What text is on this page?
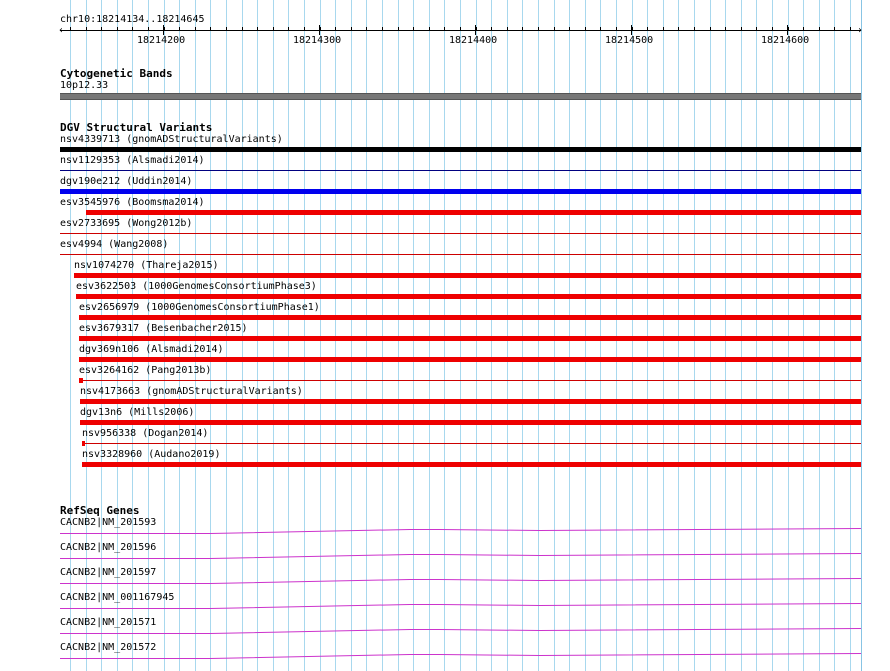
chr10:18214134..18214645
‹	›
18214200	18214300	18214400	18214500	18214600
Cytogenetic Bands
10p12.33
DGV Structural Variants
nsv4339713 (gnomADStructuralVariants)
nsv1129353 (Alsmadi2014)
dgv190e212 (Uddin2014)
esv3545976 (Boomsma2014)
esv2733695 (Wong2012b)
esv4994 (Wang2008)
nsv1074270 (Thareja2015)
esv3622503 (1000GenomesConsortiumPhase3)
esv2656979 (1000GenomesConsortiumPhase1)
esv3679317 (Besenbacher2015)
dgv369n106 (Alsmadi2014)
esv3264162 (Pang2013b)
nsv4173663 (gnomADStructuralVariants)
dgv13n6 (Mills2006)
nsv956338 (Dogan2014)
nsv3328960 (Audano2019)
RefSeq Genes
CACNB2|NM_201593
CACNB2|NM_201596
CACNB2|NM_201597
CACNB2|NM_001167945
CACNB2|NM_201571
CACNB2|NM_201572
